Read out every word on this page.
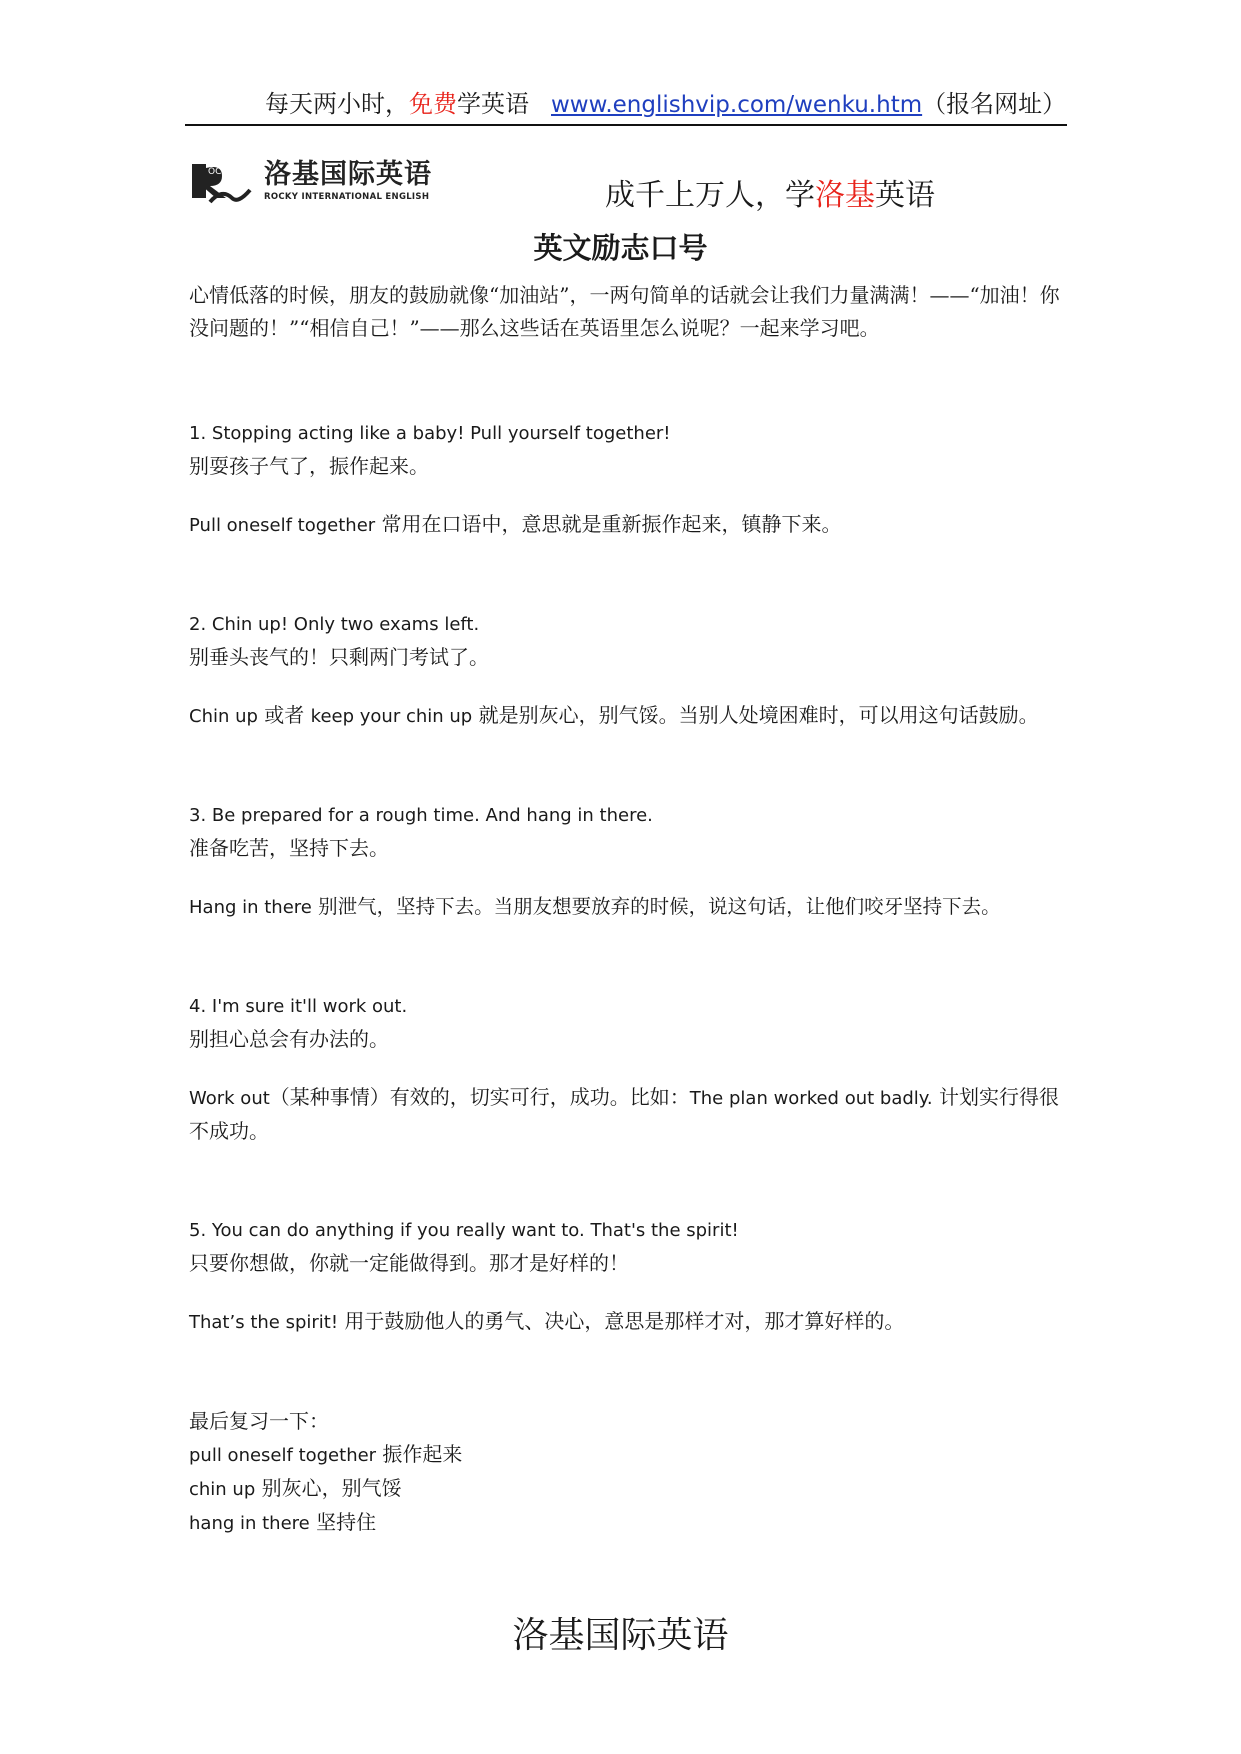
每天两小时，免费学英语 www.englishvip.com/wenku.htm（报名网址）
OCKY 洛基国际英语
ROCKY INTERNATIONAL ENGLISH	成千上万人，学洛基英语
英文励志口号

心情低落的时候，朋友的鼓励就像“加油站”，一两句简单的话就会让我们力量满满！——“加油！你没问题的！”“相信自己！”——那么这些话在英语里怎么说呢？一起来学习吧。

1. Stopping acting like a baby! Pull yourself together!

别耍孩子气了，振作起来。

Pull oneself together 常用在口语中，意思就是重新振作起来，镇静下来。

2. Chin up! Only two exams left.

别垂头丧气的！只剩两门考试了。

Chin up 或者 keep your chin up 就是别灰心，别气馁。当别人处境困难时，可以用这句话鼓励。

3. Be prepared for a rough time. And hang in there.

准备吃苦，坚持下去。

Hang in there 别泄气，坚持下去。当朋友想要放弃的时候，说这句话，让他们咬牙坚持下去。

4. I'm sure it'll work out.

别担心总会有办法的。

Work out（某种事情）有效的，切实可行，成功。比如：The plan worked out badly. 计划实行得很不成功。

5. You can do anything if you really want to. That's the spirit!

只要你想做，你就一定能做得到。那才是好样的！

That’s the spirit! 用于鼓励他人的勇气、决心，意思是那样才对，那才算好样的。

最后复习一下：

pull oneself together 振作起来

chin up 别灰心，别气馁

hang in there 坚持住

洛基国际英语
